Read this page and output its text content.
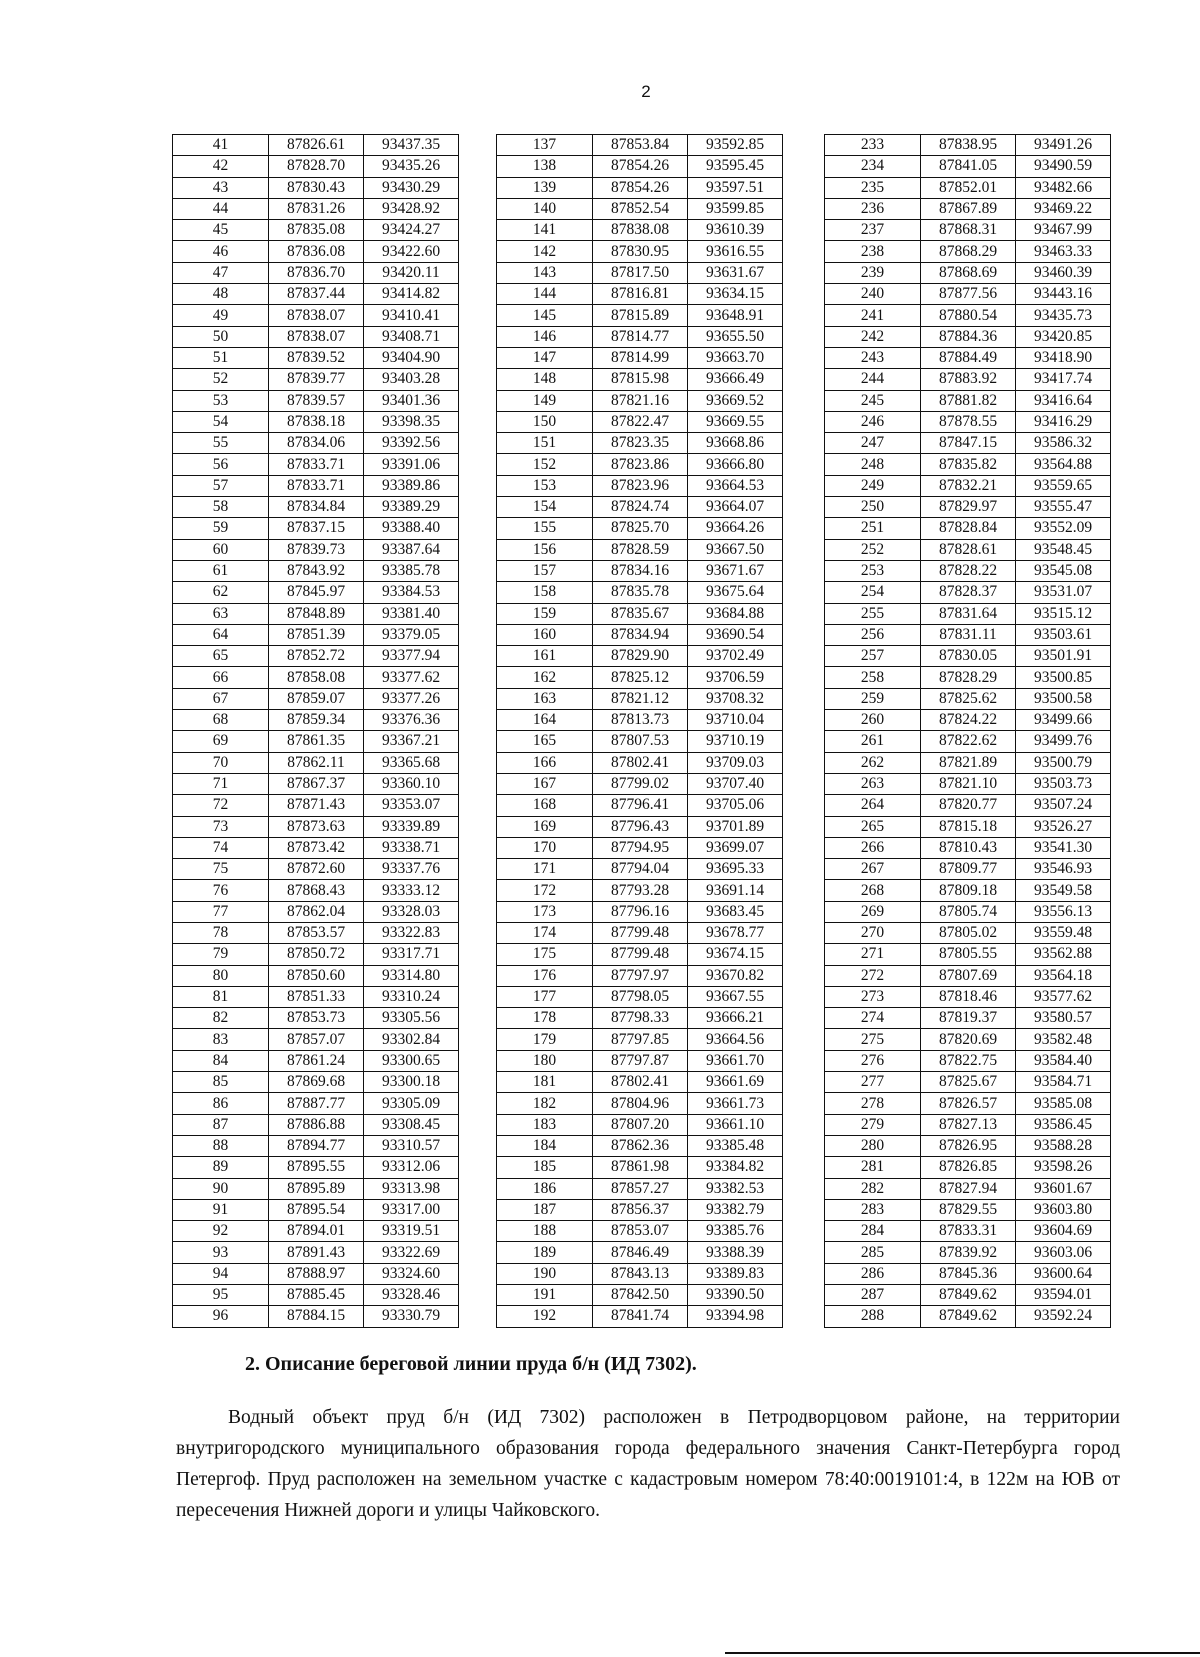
2
41	87826.61	93437.35
42	87828.70	93435.26
43	87830.43	93430.29
44	87831.26	93428.92
45	87835.08	93424.27
46	87836.08	93422.60
47	87836.70	93420.11
48	87837.44	93414.82
49	87838.07	93410.41
50	87838.07	93408.71
51	87839.52	93404.90
52	87839.77	93403.28
53	87839.57	93401.36
54	87838.18	93398.35
55	87834.06	93392.56
56	87833.71	93391.06
57	87833.71	93389.86
58	87834.84	93389.29
59	87837.15	93388.40
60	87839.73	93387.64
61	87843.92	93385.78
62	87845.97	93384.53
63	87848.89	93381.40
64	87851.39	93379.05
65	87852.72	93377.94
66	87858.08	93377.62
67	87859.07	93377.26
68	87859.34	93376.36
69	87861.35	93367.21
70	87862.11	93365.68
71	87867.37	93360.10
72	87871.43	93353.07
73	87873.63	93339.89
74	87873.42	93338.71
75	87872.60	93337.76
76	87868.43	93333.12
77	87862.04	93328.03
78	87853.57	93322.83
79	87850.72	93317.71
80	87850.60	93314.80
81	87851.33	93310.24
82	87853.73	93305.56
83	87857.07	93302.84
84	87861.24	93300.65
85	87869.68	93300.18
86	87887.77	93305.09
87	87886.88	93308.45
88	87894.77	93310.57
89	87895.55	93312.06
90	87895.89	93313.98
91	87895.54	93317.00
92	87894.01	93319.51
93	87891.43	93322.69
94	87888.97	93324.60
95	87885.45	93328.46
96	87884.15	93330.79
137	87853.84	93592.85
138	87854.26	93595.45
139	87854.26	93597.51
140	87852.54	93599.85
141	87838.08	93610.39
142	87830.95	93616.55
143	87817.50	93631.67
144	87816.81	93634.15
145	87815.89	93648.91
146	87814.77	93655.50
147	87814.99	93663.70
148	87815.98	93666.49
149	87821.16	93669.52
150	87822.47	93669.55
151	87823.35	93668.86
152	87823.86	93666.80
153	87823.96	93664.53
154	87824.74	93664.07
155	87825.70	93664.26
156	87828.59	93667.50
157	87834.16	93671.67
158	87835.78	93675.64
159	87835.67	93684.88
160	87834.94	93690.54
161	87829.90	93702.49
162	87825.12	93706.59
163	87821.12	93708.32
164	87813.73	93710.04
165	87807.53	93710.19
166	87802.41	93709.03
167	87799.02	93707.40
168	87796.41	93705.06
169	87796.43	93701.89
170	87794.95	93699.07
171	87794.04	93695.33
172	87793.28	93691.14
173	87796.16	93683.45
174	87799.48	93678.77
175	87799.48	93674.15
176	87797.97	93670.82
177	87798.05	93667.55
178	87798.33	93666.21
179	87797.85	93664.56
180	87797.87	93661.70
181	87802.41	93661.69
182	87804.96	93661.73
183	87807.20	93661.10
184	87862.36	93385.48
185	87861.98	93384.82
186	87857.27	93382.53
187	87856.37	93382.79
188	87853.07	93385.76
189	87846.49	93388.39
190	87843.13	93389.83
191	87842.50	93390.50
192	87841.74	93394.98
233	87838.95	93491.26
234	87841.05	93490.59
235	87852.01	93482.66
236	87867.89	93469.22
237	87868.31	93467.99
238	87868.29	93463.33
239	87868.69	93460.39
240	87877.56	93443.16
241	87880.54	93435.73
242	87884.36	93420.85
243	87884.49	93418.90
244	87883.92	93417.74
245	87881.82	93416.64
246	87878.55	93416.29
247	87847.15	93586.32
248	87835.82	93564.88
249	87832.21	93559.65
250	87829.97	93555.47
251	87828.84	93552.09
252	87828.61	93548.45
253	87828.22	93545.08
254	87828.37	93531.07
255	87831.64	93515.12
256	87831.11	93503.61
257	87830.05	93501.91
258	87828.29	93500.85
259	87825.62	93500.58
260	87824.22	93499.66
261	87822.62	93499.76
262	87821.89	93500.79
263	87821.10	93503.73
264	87820.77	93507.24
265	87815.18	93526.27
266	87810.43	93541.30
267	87809.77	93546.93
268	87809.18	93549.58
269	87805.74	93556.13
270	87805.02	93559.48
271	87805.55	93562.88
272	87807.69	93564.18
273	87818.46	93577.62
274	87819.37	93580.57
275	87820.69	93582.48
276	87822.75	93584.40
277	87825.67	93584.71
278	87826.57	93585.08
279	87827.13	93586.45
280	87826.95	93588.28
281	87826.85	93598.26
282	87827.94	93601.67
283	87829.55	93603.80
284	87833.31	93604.69
285	87839.92	93603.06
286	87845.36	93600.64
287	87849.62	93594.01
288	87849.62	93592.24
2. Описание береговой линии пруда б/н (ИД 7302).
Водный объект пруд б/н (ИД 7302) расположен в Петродворцовом районе, на территории внутригородского муниципального образования города федерального значения Санкт-Петербурга город Петергоф. Пруд расположен на земельном участке с кадастровым номером 78:40:0019101:4, в 122м на ЮВ от пересечения Нижней дороги и улицы Чайковского.
